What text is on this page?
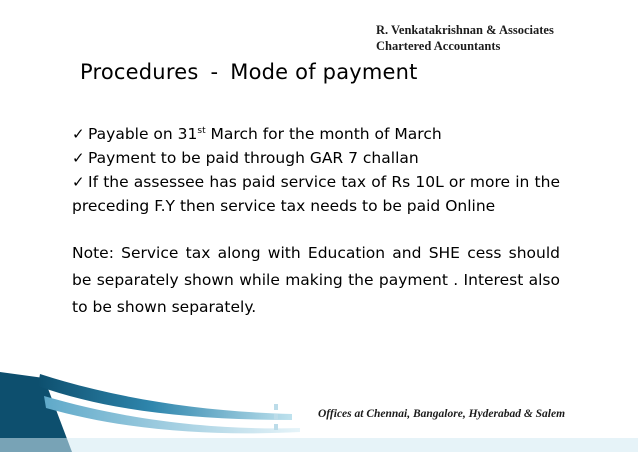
R. Venkatakrishnan & Associates
Chartered Accountants
Procedures - Mode of payment
✓ Payable on 31st March for the month of March
✓ Payment to be paid through GAR 7 challan
✓ If the assessee has paid service tax of Rs 10L or more in the preceding F.Y then service tax needs to be paid Online
Note: Service tax along with Education and SHE cess should be separately shown while making the payment . Interest also to be shown separately.
Offices at Chennai, Bangalore, Hyderabad & Salem
